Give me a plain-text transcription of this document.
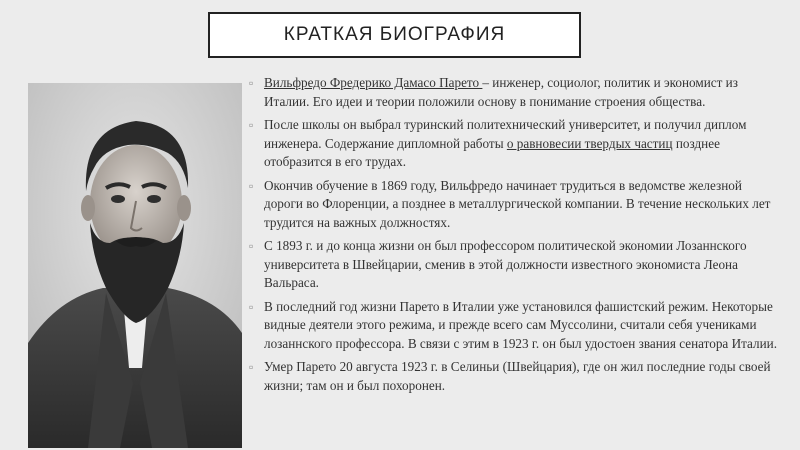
КРАТКАЯ БИОГРАФИЯ
▫ Вильфредо Фредерико Дамасо Парето – инженер, социолог, политик и экономист из Италии. Его идеи и теории положили основу в понимание строения общества.
▫ После школы он выбрал туринский политехнический университет, и получил диплом инженера. Содержание дипломной работы о равновесии твердых частиц позднее отобразится в его трудах.
▫ Окончив обучение в 1869 году, Вильфредо начинает трудиться в ведомстве железной дороги во Флоренции, а позднее в металлургической компании. В течение нескольких лет трудится на важных должностях.
▫ С 1893 г. и до конца жизни он был профессором политической экономии Лозаннского университета в Швейцарии, сменив в этой должности известного экономиста Леона Вальраса.
▫ В последний год жизни Парето в Италии уже установился фашистский режим. Некоторые видные деятели этого режима, и прежде всего сам Муссолини, считали себя учениками лозаннского профессора. В связи с этим в 1923 г. он был удостоен звания сенатора Италии.
▫ Умер Парето 20 августа 1923 г. в Селиньи (Швейцария), где он жил последние годы своей жизни; там он и был похоронен.
